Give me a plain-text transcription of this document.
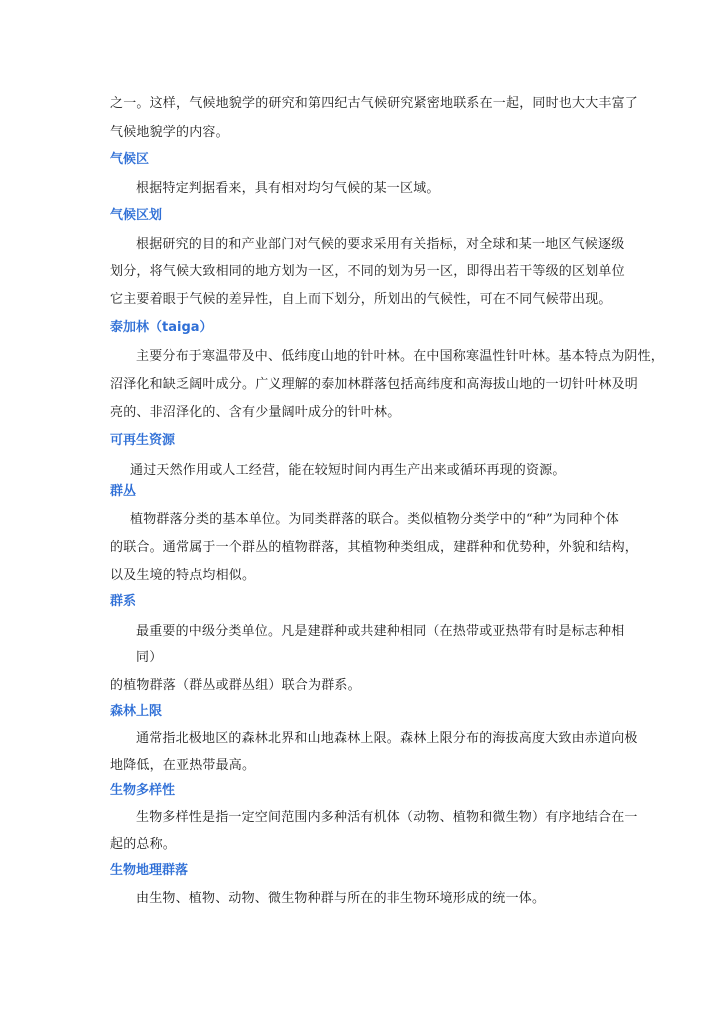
之一。这样，气候地貌学的研究和第四纪古气候研究紧密地联系在一起，同时也大大丰富了
气候地貌学的内容。
气候区
根据特定判据看来，具有相对均匀气候的某一区域。
气候区划
根据研究的目的和产业部门对气候的要求采用有关指标，对全球和某一地区气候逐级
划分，将气候大致相同的地方划为一区，不同的划为另一区，即得出若干等级的区划单位
它主要着眼于气候的差异性，自上而下划分，所划出的气候性，可在不同气候带出现。
泰加林（taiga）
主要分布于寒温带及中、低纬度山地的针叶林。在中国称寒温性针叶林。基本特点为阴性，
沼泽化和缺乏阔叶成分。广义理解的泰加林群落包括高纬度和高海拔山地的一切针叶林及明
亮的、非沼泽化的、含有少量阔叶成分的针叶林。
可再生资源
通过天然作用或人工经营，能在较短时间内再生产出来或循环再现的资源。
群丛
植物群落分类的基本单位。为同类群落的联合。类似植物分类学中的“种”为同种个体
的联合。通常属于一个群丛的植物群落，其植物种类组成，建群种和优势种，外貌和结构，
以及生境的特点均相似。
群系
最重要的中级分类单位。凡是建群种或共建种相同（在热带或亚热带有时是标志种相
同）
的植物群落（群丛或群丛组）联合为群系。
森林上限
通常指北极地区的森林北界和山地森林上限。森林上限分布的海拔高度大致由赤道向极
地降低，在亚热带最高。
生物多样性
生物多样性是指一定空间范围内多种活有机体（动物、植物和微生物）有序地结合在一
起的总称。
生物地理群落
由生物、植物、动物、微生物种群与所在的非生物环境形成的统一体。
